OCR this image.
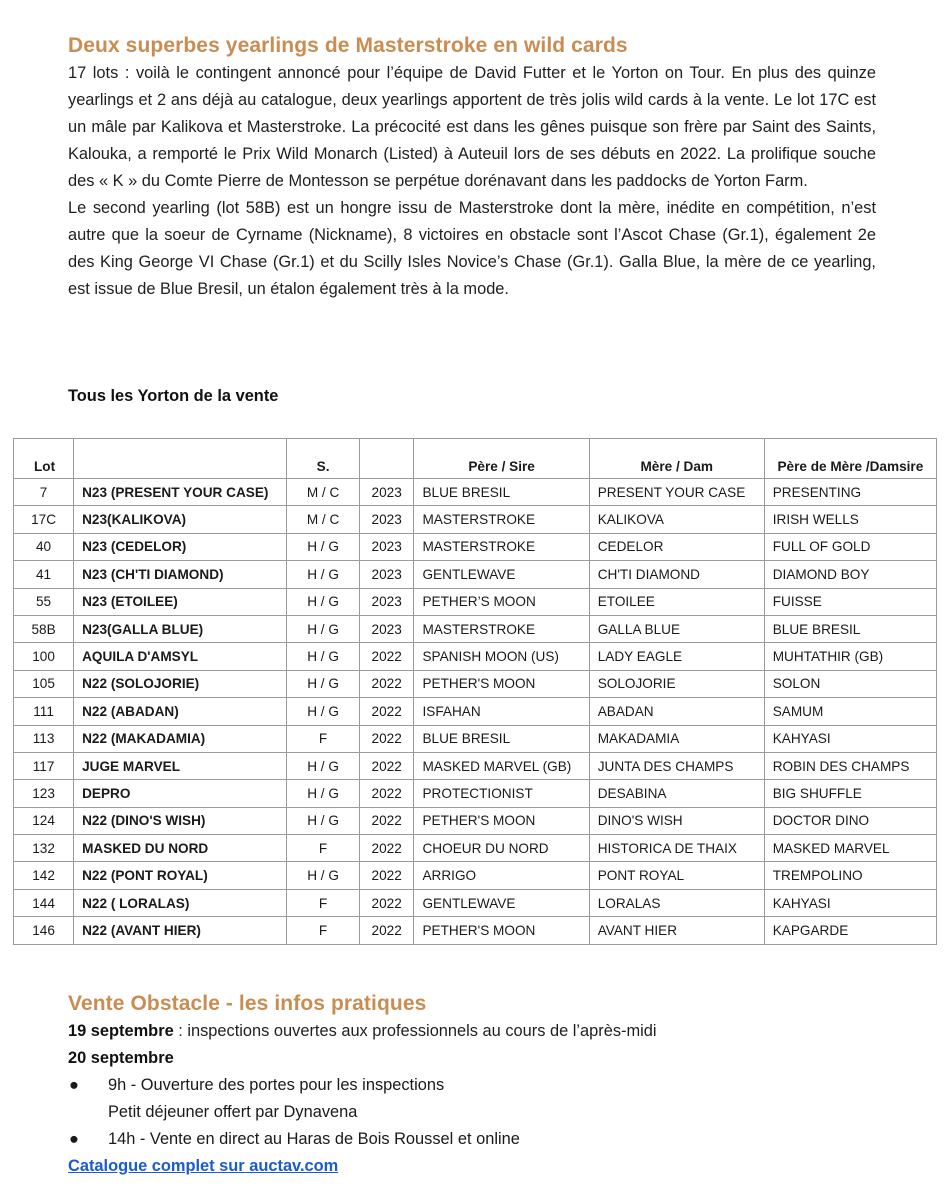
Deux superbes yearlings de Masterstroke en wild cards

17 lots : voilà le contingent annoncé pour l’équipe de David Futter et le Yorton on Tour. En plus des quinze yearlings et 2 ans déjà au catalogue, deux yearlings apportent de très jolis wild cards à la vente. Le lot 17C est un mâle par Kalikova et Masterstroke. La précocité est dans les gênes puisque son frère par Saint des Saints, Kalouka, a remporté le Prix Wild Monarch (Listed) à Auteuil lors de ses débuts en 2022. La prolifique souche des « K » du Comte Pierre de Montesson se perpétue dorénavant dans les paddocks de Yorton Farm.

Le second yearling (lot 58B) est un hongre issu de Masterstroke dont la mère, inédite en compétition, n’est autre que la soeur de Cyrname (Nickname), 8 victoires en obstacle sont l’Ascot Chase (Gr.1), également 2e des King George VI Chase (Gr.1) et du Scilly Isles Novice’s Chase (Gr.1). Galla Blue, la mère de ce yearling, est issue de Blue Bresil, un étalon également très à la mode.

Tous les Yorton de la vente
Lot		S.		Père / Sire	Mère / Dam	Père de Mère /Damsire
7	N23 (PRESENT YOUR CASE)	M / C	2023	BLUE BRESIL	PRESENT YOUR CASE	PRESENTING
17C	N23(KALIKOVA)	M / C	2023	MASTERSTROKE	KALIKOVA	IRISH WELLS
40	N23 (CEDELOR)	H / G	2023	MASTERSTROKE	CEDELOR	FULL OF GOLD
41	N23 (CH'TI DIAMOND)	H / G	2023	GENTLEWAVE	CH'TI DIAMOND	DIAMOND BOY
55	N23 (ETOILEE)	H / G	2023	PETHER’S MOON	ETOILEE	FUISSE
58B	N23(GALLA BLUE)	H / G	2023	MASTERSTROKE	GALLA BLUE	BLUE BRESIL
100	AQUILA D'AMSYL	H / G	2022	SPANISH MOON (US)	LADY EAGLE	MUHTATHIR (GB)
105	N22 (SOLOJORIE)	H / G	2022	PETHER'S MOON	SOLOJORIE	SOLON
111	N22 (ABADAN)	H / G	2022	ISFAHAN	ABADAN	SAMUM
113	N22 (MAKADAMIA)	F	2022	BLUE BRESIL	MAKADAMIA	KAHYASI
117	JUGE MARVEL	H / G	2022	MASKED MARVEL (GB)	JUNTA DES CHAMPS	ROBIN DES CHAMPS
123	DEPRO	H / G	2022	PROTECTIONIST	DESABINA	BIG SHUFFLE
124	N22 (DINO'S WISH)	H / G	2022	PETHER'S MOON	DINO'S WISH	DOCTOR DINO
132	MASKED DU NORD	F	2022	CHOEUR DU NORD	HISTORICA DE THAIX	MASKED MARVEL
142	N22 (PONT ROYAL)	H / G	2022	ARRIGO	PONT ROYAL	TREMPOLINO
144	N22 ( LORALAS)	F	2022	GENTLEWAVE	LORALAS	KAHYASI
146	N22 (AVANT HIER)	F	2022	PETHER'S MOON	AVANT HIER	KAPGARDE
Vente Obstacle - les infos pratiques

19 septembre : inspections ouvertes aux professionnels au cours de l’après-midi

20 septembre

● 9h - Ouverture des portes pour les inspections
Petit déjeuner offert par Dynavena
● 14h - Vente en direct au Haras de Bois Roussel et online
Catalogue complet sur auctav.com
